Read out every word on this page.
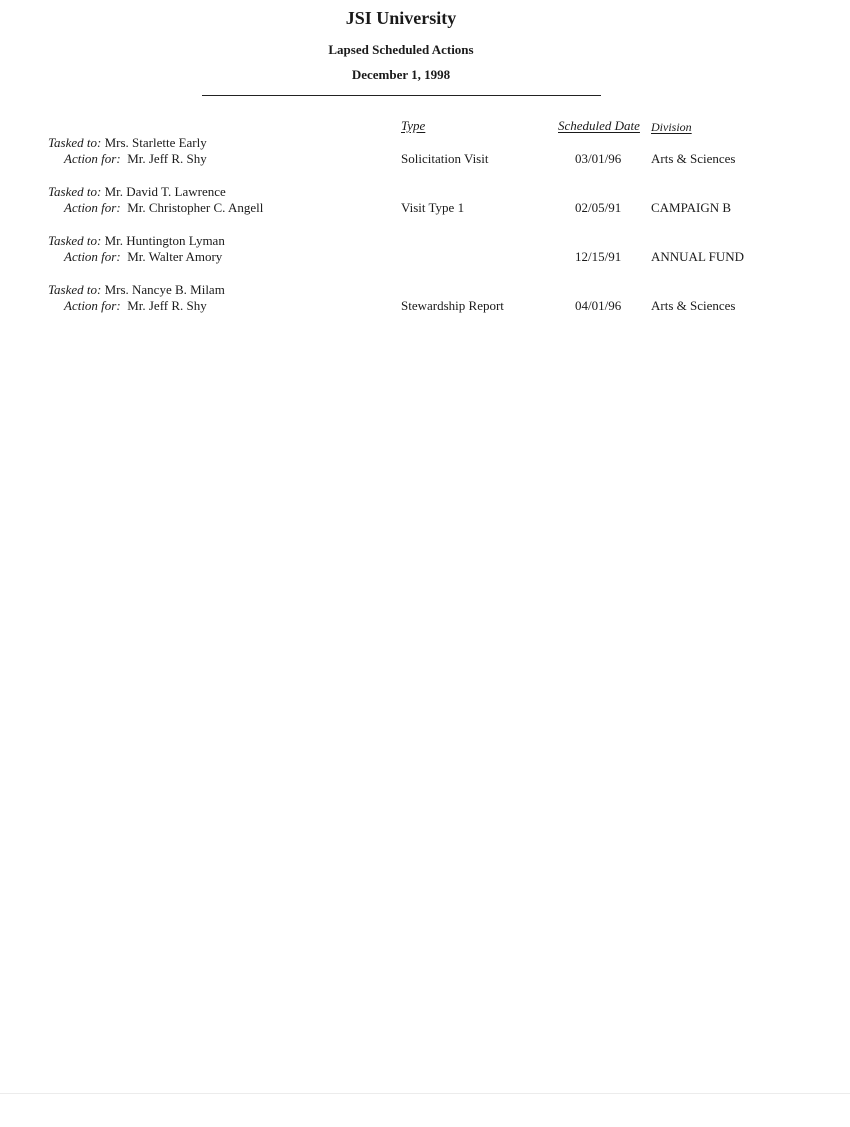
JSI University
Lapsed Scheduled Actions
December 1, 1998
Type	Scheduled Date Division
Tasked to: Mrs. Starlette Early
Action for: Mr. Jeff R. Shy	Solicitation Visit	03/01/96 Arts & Sciences
Tasked to: Mr. David T. Lawrence
Action for: Mr. Christopher C. Angell	Visit Type 1	02/05/91 CAMPAIGN B
Tasked to: Mr. Huntington Lyman
Action for: Mr. Walter Amory	12/15/91 ANNUAL FUND
Tasked to: Mrs. Nancye B. Milam
Action for: Mr. Jeff R. Shy	Stewardship Report	04/01/96 Arts & Sciences
